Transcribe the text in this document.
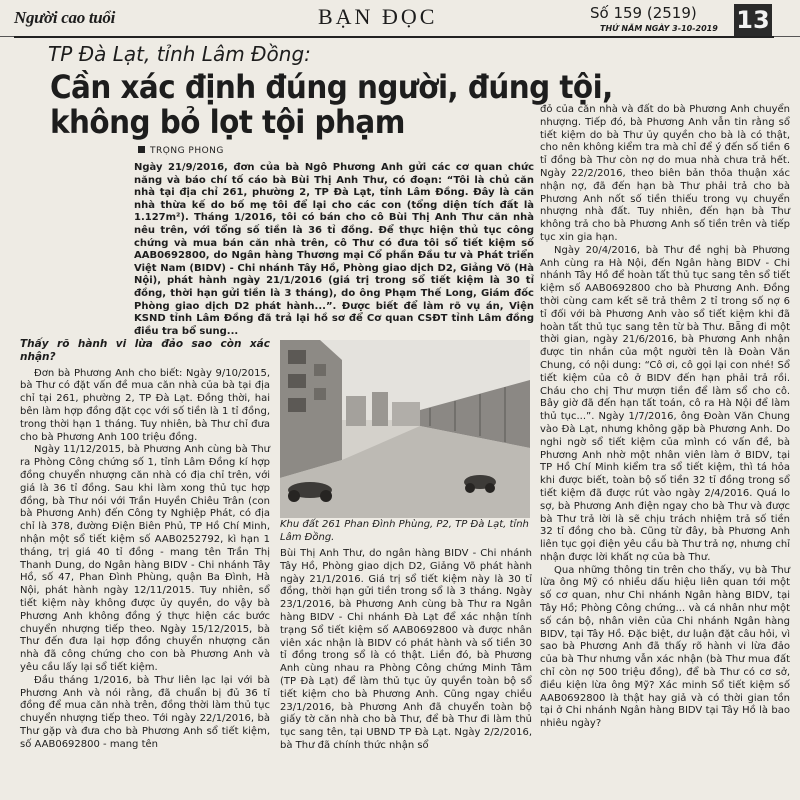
Người cao tuổi	BẠN ĐỌC	Số 159 (2519)
THỨ NĂM NGÀY 3-10-2019 13
TP Đà Lạt, tỉnh Lâm Đồng:
Cần xác định đúng người, đúng tội,
không bỏ lọt tội phạm
TRỌNG PHONG
Ngày 21/9/2016, đơn của bà Ngô Phương Anh gửi các cơ quan chức năng và báo chí tố cáo bà Bùi Thị Anh Thư, có đoạn: “Tôi là chủ căn nhà tại địa chỉ 261, phường 2, TP Đà Lạt, tỉnh Lâm Đồng. Đây là căn nhà thừa kế do bố mẹ tôi để lại cho các con (tổng diện tích đất là 1.127m²). Tháng 1/2016, tôi có bán cho cô Bùi Thị Anh Thư căn nhà nêu trên, với tổng số tiền là 36 tỉ đồng. Để thực hiện thủ tục công chứng và mua bán căn nhà trên, cô Thư có đưa tôi sổ tiết kiệm số AAB0692800, do Ngân hàng Thương mại Cổ phần Đầu tư và Phát triển Việt Nam (BIDV) - Chi nhánh Tây Hồ, Phòng giao dịch D2, Giảng Võ (Hà Nội), phát hành ngày 21/1/2016 (giá trị trong sổ tiết kiệm là 30 tỉ đồng, thời hạn gửi tiền là 3 tháng), do ông Phạm Thế Long, Giám đốc Phòng giao dịch D2 phát hành...”. Được biết để làm rõ vụ án, Viện KSND tỉnh Lâm Đồng đã trả lại hồ sơ để Cơ quan CSĐT tỉnh Lâm đồng điều tra bổ sung...

Thấy rõ hành vi lừa đảo sao còn xác nhận?

Đơn bà Phương Anh cho biết: Ngày 9/10/2015, bà Thư có đặt vấn đề mua căn nhà của bà tại địa chỉ tại 261, phường 2, TP Đà Lạt. Đồng thời, hai bên làm hợp đồng đặt cọc với số tiền là 1 tỉ đồng, trong thời hạn 1 tháng. Tuy nhiên, bà Thư chỉ đưa cho bà Phương Anh 100 triệu đồng.

Ngày 11/12/2015, bà Phương Anh cùng bà Thư ra Phòng Công chứng số 1, tỉnh Lâm Đồng kí hợp đồng chuyển nhượng căn nhà có địa chỉ trên, với giá là 36 tỉ đồng. Sau khi làm xong thủ tục hợp đồng, bà Thư nói với Trần Huyền Chiêu Trân (con bà Phương Anh) đến Công ty Nghiệp Phát, có địa chỉ là 378, đường Điện Biên Phủ, TP Hồ Chí Minh, nhận một sổ tiết kiệm số AAB0252792, kì hạn 1 tháng, trị giá 40 tỉ đồng - mang tên Trần Thị Thanh Dung, do Ngân hàng BIDV - Chi nhánh Tây Hồ, số 47, Phan Đình Phùng, quận Ba Đình, Hà Nội, phát hành ngày 12/11/2015. Tuy nhiên, sổ tiết kiệm này không được ủy quyền, do vậy bà Phương Anh không đồng ý thực hiện các bước chuyển nhượng tiếp theo. Ngày 15/12/2015, bà Thư đến đưa lại hợp đồng chuyển nhượng căn nhà đã công chứng cho con bà Phương Anh và yêu cầu lấy lại sổ tiết kiệm.

Đầu tháng 1/2016, bà Thư liên lạc lại với bà Phương Anh và nói rằng, đã chuẩn bị đủ 36 tỉ đồng để mua căn nhà trên, đồng thời làm thủ tục chuyển nhượng tiếp theo. Tới ngày 22/1/2016, bà Thư gặp và đưa cho bà Phương Anh sổ tiết kiệm, số AAB0692800 - mang tên

Khu đất 261 Phan Đình Phùng, P2, TP Đà Lạt, tỉnh Lâm Đồng.

Bùi Thị Anh Thư, do ngân hàng BIDV - Chi nhánh Tây Hồ, Phòng giao dịch D2, Giảng Võ phát hành ngày 21/1/2016. Giá trị sổ tiết kiệm này là 30 tỉ đồng, thời hạn gửi tiền trong sổ là 3 tháng. Ngày 23/1/2016, bà Phương Anh cùng bà Thư ra Ngân hàng BIDV - Chi nhánh Đà Lạt để xác nhận tính trạng Sổ tiết kiệm số AAB0692800 và được nhân viên xác nhận là BIDV có phát hành và số tiền 30 tỉ đồng trong sổ là có thật. Liền đó, bà Phương Anh cùng nhau ra Phòng Công chứng Minh Tâm (TP Đà Lạt) để làm thủ tục ủy quyền toàn bộ sổ tiết kiệm cho bà Phương Anh. Cũng ngay chiều 23/1/2016, bà Phương Anh đã chuyển toàn bộ giấy tờ căn nhà cho bà Thư, để bà Thư đi làm thủ tục sang tên, tại UBND TP Đà Lạt. Ngày 2/2/2016, bà Thư đã chính thức nhận sổ

đỏ của căn nhà và đất do bà Phương Anh chuyển nhượng. Tiếp đó, bà Phương Anh vẫn tin rằng sổ tiết kiệm do bà Thư ủy quyền cho bà là có thật, cho nên không kiểm tra mà chỉ để ý đến số tiền 6 tỉ đồng bà Thư còn nợ do mua nhà chưa trả hết. Ngày 22/2/2016, theo biên bản thỏa thuận xác nhận nợ, đã đến hạn bà Thư phải trả cho bà Phương Anh nốt số tiền thiếu trong vụ chuyển nhượng nhà đất. Tuy nhiên, đến hạn bà Thư không trả cho bà Phương Anh số tiền trên và tiếp tục xin gia hạn.

Ngày 20/4/2016, bà Thư đề nghị bà Phương Anh cùng ra Hà Nội, đến Ngân hàng BIDV - Chi nhánh Tây Hồ để hoàn tất thủ tục sang tên sổ tiết kiệm số AAB0692800 cho bà Phương Anh. Đồng thời cùng cam kết sẽ trả thêm 2 tỉ trong số nợ 6 tỉ đối với bà Phương Anh vào sổ tiết kiệm khi đã hoàn tất thủ tục sang tên từ bà Thư. Bẵng đi một thời gian, ngày 21/6/2016, bà Phương Anh nhận được tin nhắn của một người tên là Đoàn Văn Chung, có nội dung: “Cô ơi, cô gọi lại con nhé! Sổ tiết kiệm của cô ở BIDV đến hạn phải trả rồi. Cháu cho chị Thư mượn tiền để làm sổ cho cô. Bây giờ đã đến hạn tất toán, cô ra Hà Nội để làm thủ tục...”. Ngày 1/7/2016, ông Đoàn Văn Chung vào Đà Lạt, nhưng không gặp bà Phương Anh. Do nghi ngờ sổ tiết kiệm của mình có vấn đề, bà Phương Anh nhờ một nhân viên làm ở BIDV, tại TP Hồ Chí Minh kiểm tra sổ tiết kiệm, thì tá hỏa khi được biết, toàn bộ số tiền 32 tỉ đồng trong sổ tiết kiệm đã được rút vào ngày 2/4/2016. Quá lo sợ, bà Phương Anh điện ngay cho bà Thư và được bà Thư trả lời là sẽ chịu trách nhiệm trả số tiền 32 tỉ đồng cho bà. Cũng từ đây, bà Phương Anh liên tục gọi điện yêu cầu bà Thư trả nợ, nhưng chỉ nhận được lời khất nợ của bà Thư.

Qua những thông tin trên cho thấy, vụ bà Thư lừa ông Mỹ có nhiều dấu hiệu liên quan tới một số cơ quan, như Chi nhánh Ngân hàng BIDV, tại Tây Hồ; Phòng Công chứng... và cá nhân như một số cán bộ, nhân viên của Chi nhánh Ngân hàng BIDV, tại Tây Hồ. Đặc biệt, dư luận đặt câu hỏi, vì sao bà Phương Anh đã thấy rõ hành vi lừa đảo của bà Thư nhưng vẫn xác nhận (bà Thư mua đất chỉ còn nợ 500 triệu đồng), để bà Thư có cơ sở, điều kiện lừa ông Mỹ? Xác minh Sổ tiết kiệm số AAB0692800 là thật hay giả và có thời gian tồn tại ở Chi nhánh Ngân hàng BIDV tại Tây Hồ là bao nhiêu ngày?
